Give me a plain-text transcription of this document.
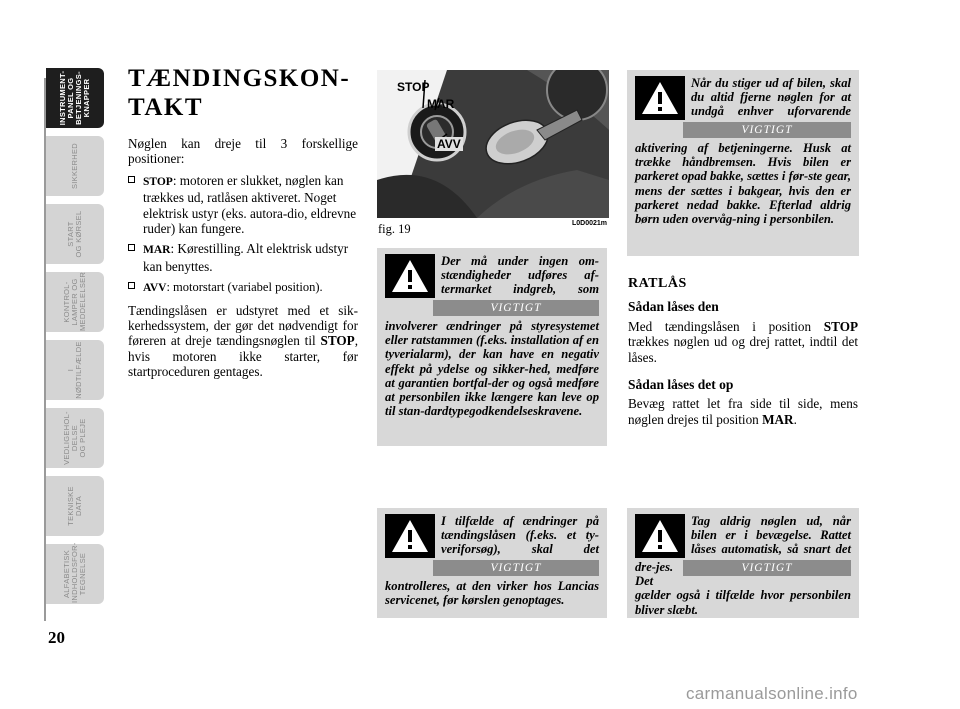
INSTRUMENT-
PANEL OG
BETJENINGS-
KNAPPER
SIKKERHED
START
OG KØRSEL
KONTROL-
LAMPER OG
MEDDELELSER
I
NØDTILFÆLDE
VEDLIGEHOL-
DELSE
OG PLEJE
TEKNISKE
DATA
ALFABETISK
INDHOLDSFOR-
TEGNELSE
20
TÆNDINGSKON-
TAKT

Nøglen kan dreje til 3 forskellige positioner:

STOP: motoren er slukket, nøglen kan trækkes ud, ratlåsen aktiveret. Noget elektrisk ustyr (eks. autora-dio, eldrevne ruder) kan fungere.
MAR: Kørestilling. Alt elektrisk udstyr kan benyttes.
AVV: motorstart (variabel position).

Tændingslåsen er udstyret med et sik-kerhedssystem, der gør det nødvendigt for føreren at dreje tændingsnøglen til STOP, hvis motoren ikke starter, før startproceduren gentages.

STOP
MAR
AVV
fig. 19	L0D0021m
VIGTIGT
Der må under ingen om-stændigheder udføres af-termarket indgreb, som involverer ændringer på styresystemet eller ratstammen (f.eks. installation af en tyverialarm), der kan have en negativ effekt på ydelse og sikker-hed, medføre at garantien bortfal-der og også medføre at personbilen ikke længere kan leve op til stan-dardtypegodkendelseskravene.
VIGTIGT
I tilfælde af ændringer på tændingslåsen (f.eks. et ty-veriforsøg), skal det kontrolleres, at den virker hos Lancias servicenet, før kørslen genoptages.
VIGTIGT
Når du stiger ud af bilen, skal du altid fjerne nøglen for at undgå enhver uforvarende aktivering af betjeningerne. Husk at trække håndbremsen. Hvis bilen er parkeret opad bakke, sættes i før-ste gear, mens der sættes i bakgear, hvis den er parkeret nedad bakke. Efterlad aldrig børn uden overvåg-ning i personbilen.
RATLÅS
Sådan låses den

Med tændingslåsen i position STOP trækkes nøglen ud og drej rattet, indtil det låses.

Sådan låses det op

Bevæg rattet let fra side til side, mens nøglen drejes til position MAR.

VIGTIGT
Tag aldrig nøglen ud, når bilen er i bevægelse. Rattet låses automatisk, så snart det dre-jes. Det gælder også i tilfælde hvor personbilen bliver slæbt.
carmanualsonline.info
